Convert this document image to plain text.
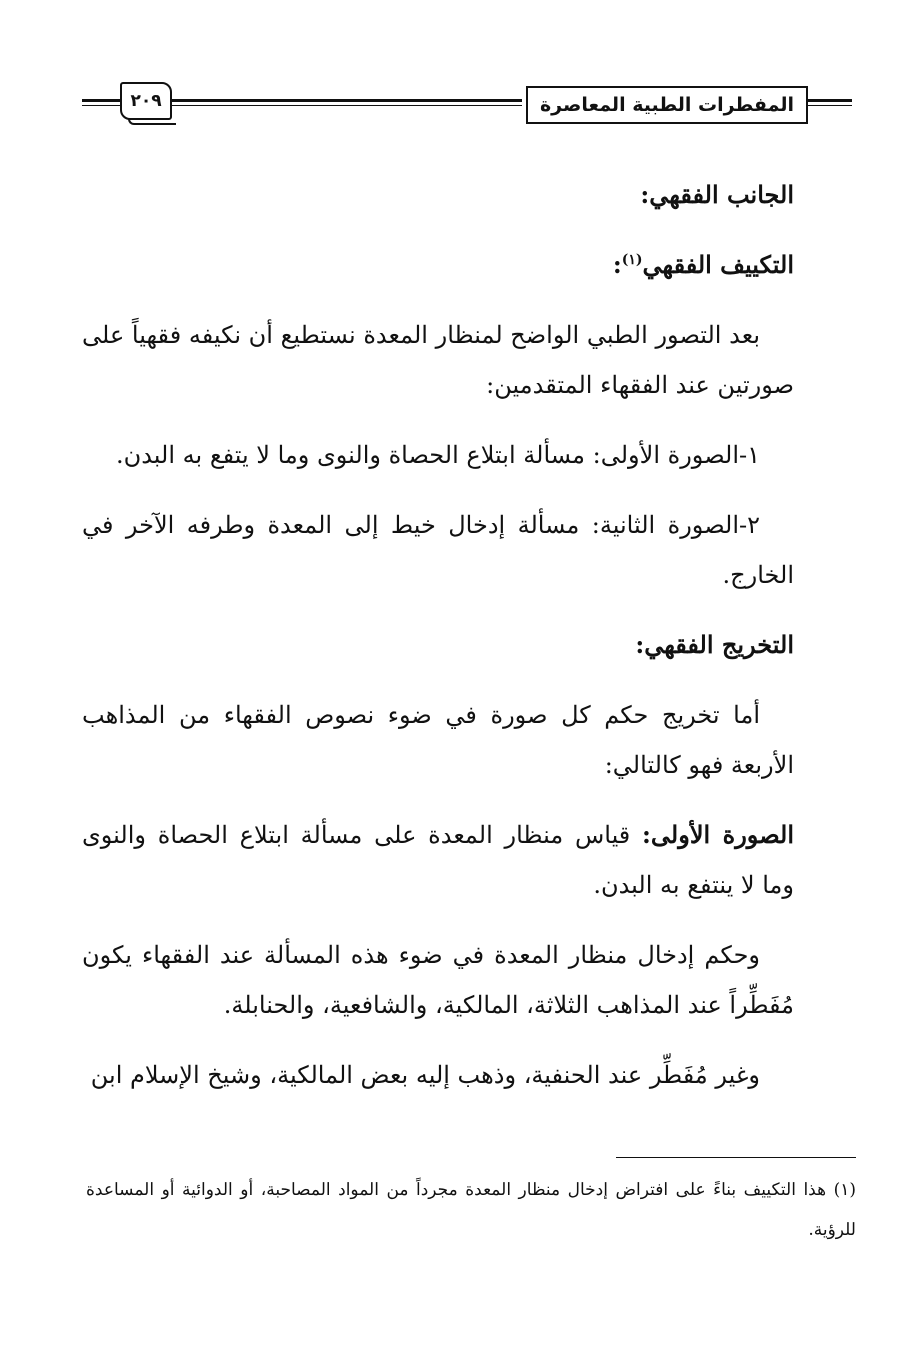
المفطرات الطبية المعاصرة
٢٠٩

الجانب الفقهي:

التكييف الفقهي$^{(١)}$:

بعد التصور الطبي الواضح لمنظار المعدة نستطيع أن نكيفه فقهياً على صورتين عند الفقهاء المتقدمين:

١-الصورة الأولى: مسألة ابتلاع الحصاة والنوى وما لا يتفع به البدن.

٢-الصورة الثانية: مسألة إدخال خيط إلى المعدة وطرفه الآخر في الخارج.

التخريج الفقهي:

أما تخريج حكم كل صورة في ضوء نصوص الفقهاء من المذاهب الأربعة فهو كالتالي:

الصورة الأولى: قياس منظار المعدة على مسألة ابتلاع الحصاة والنوى وما لا ينتفع به البدن.

وحكم إدخال منظار المعدة في ضوء هذه المسألة عند الفقهاء يكون مُفَطِّراً عند المذاهب الثلاثة، المالكية، والشافعية، والحنابلة.

وغير مُفَطِّر عند الحنفية، وذهب إليه بعض المالكية، وشيخ الإسلام ابن

(١) هذا التكييف بناءً على افتراض إدخال منظار المعدة مجرداً من المواد المصاحبة، أو الدوائية أو المساعدة للرؤية.
